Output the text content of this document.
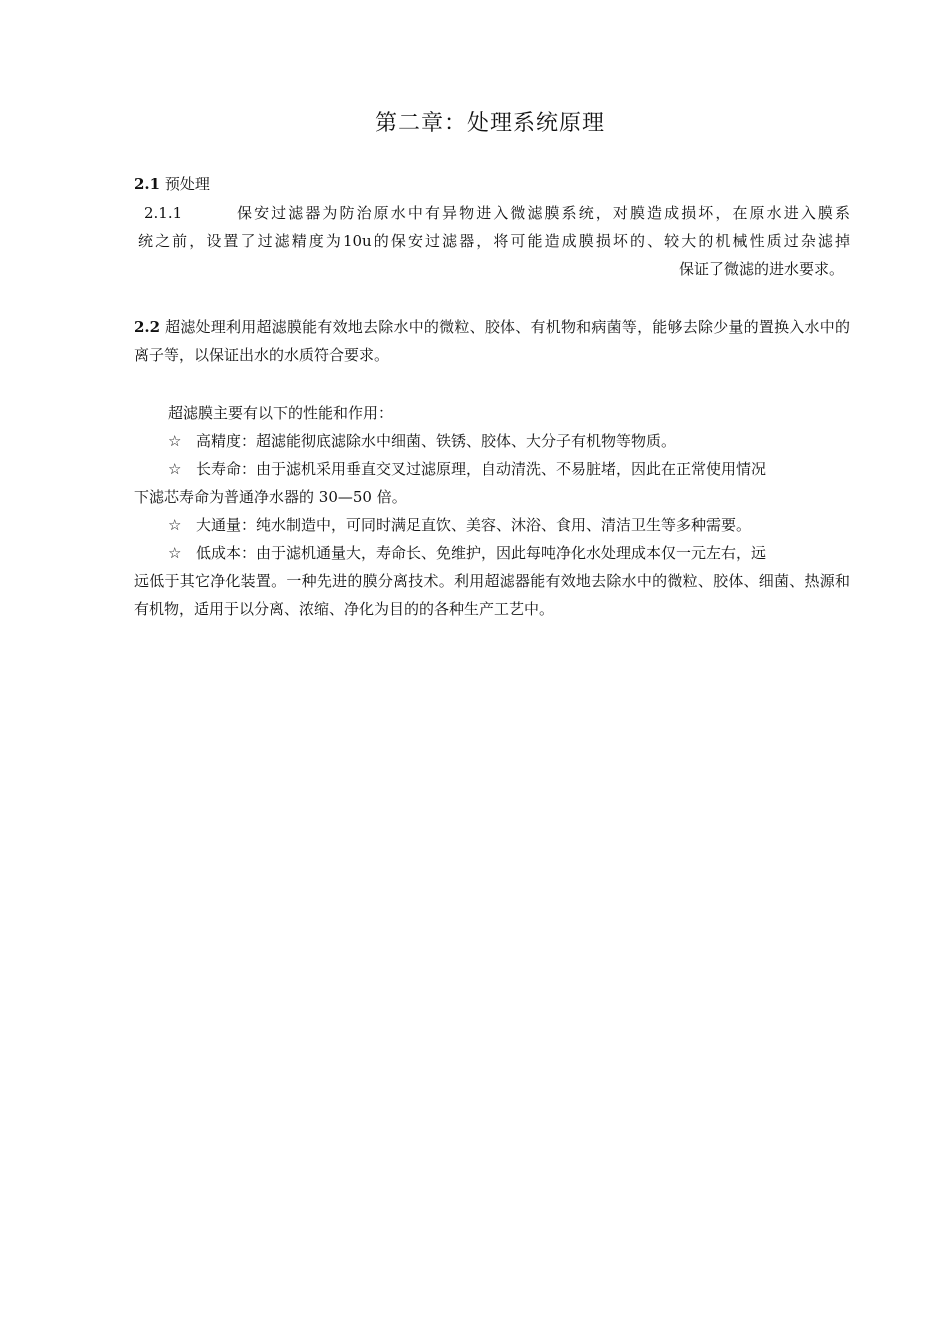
第二章：处理系统原理
2.1 预处理
2.1.1	保安过滤器为防治原水中有异物进入微滤膜系统，对膜造成损坏，在原水进入膜系
统之前，设置了过滤精度为10u的保安过滤器，将可能造成膜损坏的、较大的机械性质过杂滤掉
保证了微滤的进水要求。
2.2 超滤处理利用超滤膜能有效地去除水中的微粒、胶体、有机物和病菌等，能够去除少量的置换入水中的离子等，以保证出水的水质符合要求。
超滤膜主要有以下的性能和作用：
☆ 高精度：超滤能彻底滤除水中细菌、铁锈、胶体、大分子有机物等物质。
☆ 长寿命：由于滤机采用垂直交叉过滤原理，自动清洗、不易脏堵，因此在正常使用情况
下滤芯寿命为普通净水器的 30—50 倍。
☆ 大通量：纯水制造中，可同时满足直饮、美容、沐浴、食用、清洁卫生等多种需要。
☆ 低成本：由于滤机通量大，寿命长、免维护，因此每吨净化水处理成本仅一元左右，远
远低于其它净化装置。一种先进的膜分离技术。利用超滤器能有效地去除水中的微粒、胶体、细菌、热源和有机物，适用于以分离、浓缩、净化为目的的各种生产工艺中。
